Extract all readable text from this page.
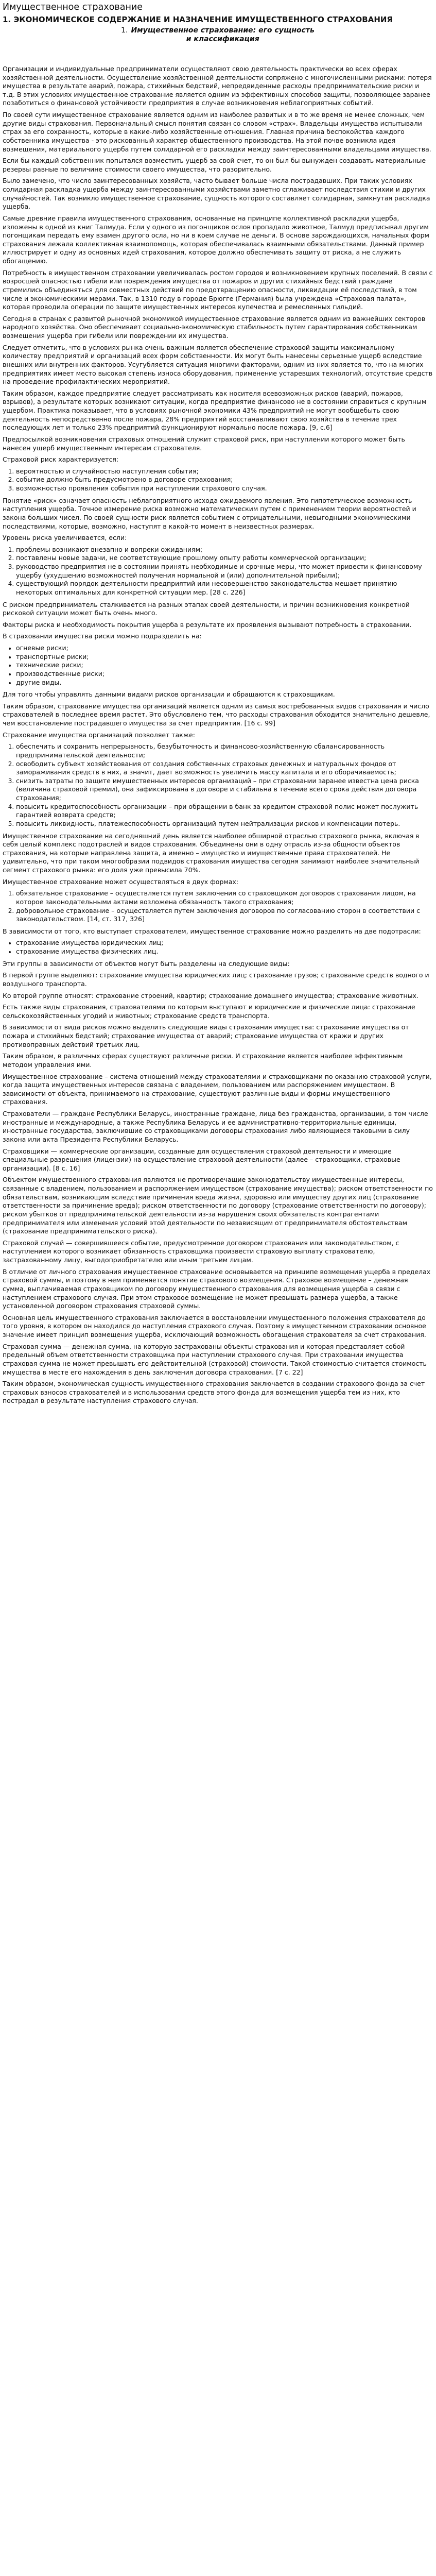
Имущественное страхование
1. ЭКОНОМИЧЕСКОЕ СОДЕРЖАНИЕ И НАЗНАЧЕНИЕ ИМУЩЕСТВЕННОГО СТРАХОВАНИЯ
1. Имущественное страхование: его сущность
и классификация

Организации и индивидуальные предприниматели осуществляют свою деятельность практически во всех сферах хозяйственной деятельности. Осуществление хозяйственной деятельности сопряжено с многочисленными рисками: потеря имущества в результате аварий, пожара, стихийных бедствий, непредвиденные расходы предпринимательские риски и т.д. В этих условиях имущественное страхование является одним из эффективных способов защиты, позволяющее заранее позаботиться о финансовой устойчивости предприятия в случае возникновения неблагоприятных событий.

По своей сути имущественное страхование является одним из наиболее развитых и в то же время не менее сложных, чем другие виды страхования. Первоначальный смысл понятия связан со словом «страх». Владельцы имущества испытывали страх за его сохранность, которые в какие-либо хозяйственные отношения. Главная причина беспокойства каждого собственника имущества - это рискованный характер общественного производства. На этой почве возникла идея возмещения, материального ущерба путем солидарной его раскладки между заинтересованными владельцами имущества.

Если бы каждый собственник попытался возместить ущерб за свой счет, то он был бы вынужден создавать материальные резервы равные по величине стоимости своего имущества, что разорительно.

Было замечено, что число заинтересованных хозяйств, часто бывает больше числа пострадавших. При таких условиях солидарная раскладка ущерба между заинтересованными хозяйствами заметно сглаживает последствия стихии и других случайностей. Так возникло имущественное страхование, сущность которого составляет солидарная, замкнутая раскладка ущерба.

Самые древние правила имущественного страхования, основанные на принципе коллективной раскладки ущерба, изложены в одной из книг Талмуда. Если у одного из погонщиков ослов пропадало животное, Талмуд предписывал другим погонщикам передать ему взамен другого осла, но ни в коем случае не деньги. В основе зарождающихся, начальных форм страхования лежала коллективная взаимопомощь, которая обеспечивалась взаимными обязательствами. Данный пример иллюстрирует и одну из основных идей страхования, которое должно обеспечивать защиту от риска, а не служить обогащению.

Потребность в имущественном страховании увеличивалась ростом городов и возникновением крупных поселений. В связи с возросшей опасностью гибели или повреждения имущества от пожаров и других стихийных бедствий граждане стремились объединяться для совместных действий по предотвращению опасности, ликвидации её последствий, в том числе и экономическими мерами. Так, в 1310 году в городе Брюгге (Германия) была учреждена «Страховая палата», которая проводила операции по защите имущественных интересов купечества и ремесленных гильдий.

Сегодня в странах с развитой рыночной экономикой имущественное страхование является одним из важнейших секторов народного хозяйства. Оно обеспечивает социально-экономическую стабильность путем гарантирования собственникам возмещения ущерба при гибели или повреждении их имущества.

Следует отметить, что в условиях рынка очень важным является обеспечение страховой защиты максимальному количеству предприятий и организаций всех форм собственности. Их могут быть нанесены серьезные ущерб вследствие внешних или внутренних факторов. Усугубляется ситуация многими факторами, одним из них является то, что на многих предприятиях имеет место высокая степень износа оборудования, применение устаревших технологий, отсутствие средств на проведение профилактических мероприятий.

Таким образом, каждое предприятие следует рассматривать как носителя всевозможных рисков (аварий, пожаров, взрывов), а результате которых возникают ситуации, когда предприятие финансово не в состоянии справиться с крупным ущербом. Практика показывает, что в условиях рыночной экономики 43% предприятий не могут вообщебыть свою деятельность непосредственно после пожара, 28% предприятий восстанавливают свою хозяйства в течение трех последующих лет и только 23% предприятий функционируют нормально после пожара. [9, с.6]

Предпосылкой возникновения страховых отношений служит страховой риск, при наступлении которого может быть нанесен ущерб имущественным интересам страхователя.

Страховой риск характеризуется:

1. вероятностью и случайностью наступления события;
2. событие должно быть предусмотрено в договоре страхования;
3. возможностью проявления события при наступлении страхового случая.

Понятие «риск» означает опасность неблагоприятного исхода ожидаемого явления. Это гипотетическое возможность наступления ущерба. Точное измерение риска возможно математическим путем с применением теории вероятностей и закона больших чисел. По своей сущности риск является событием с отрицательными, невыгодными экономическими последствиями, которые, возможно, наступят в какой-то момент в неизвестных размерах.

Уровень риска увеличивается, если:

1. проблемы возникают внезапно и вопреки ожиданиям;
2. поставлены новые задачи, не соответствующие прошлому опыту работы коммерческой организации;
3. руководство предприятия не в состоянии принять необходимые и срочные меры, что может привести к финансовому ущербу (ухудшению возможностей получения нормальной и (или) дополнительной прибыли);
4. существующий порядок деятельности предприятий или несовершенство законодательства мешает принятию некоторых оптимальных для конкретной ситуации мер. [28 с. 226]

С риском предприниматель сталкивается на разных этапах своей деятельности, и причин возникновения конкретной рисковой ситуации может быть очень много.

Факторы риска и необходимость покрытия ущерба в результате их проявления вызывают потребность в страховании.

В страховании имущества риски можно подразделить на:

• огневые риски;
• транспортные риски;
• технические риски;
• производственные риски;
• другие виды.

Для того чтобы управлять данными видами рисков организации и обращаются к страховщикам.

Таким образом, страхование имущества организаций является одним из самых востребованных видов страхования и число страхователей в последнее время растет. Это обусловлено тем, что расходы страхования обходится значительно дешевле, чем восстановление пострадавшего имущества за счет предприятия. [16 с. 99]

Страхование имущества организаций позволяет также:

1. обеспечить и сохранить непрерывность, безубыточность и финансово-хозяйственную сбалансированность предпринимательской деятельности;
2. освободить субъект хозяйствования от создания собственных страховых денежных и натуральных фондов от замораживания средств в них, а значит, дает возможность увеличить массу капитала и его оборачиваемость;
3. снизить затраты по защите имущественных интересов организаций – при страховании заранее известна цена риска (величина страховой премии), она зафиксирована в договоре и стабильна в течение всего срока действия договора страхования;
4. повысить кредитоспособность организации – при обращении в банк за кредитом страховой полис может послужить гарантией возврата средств;
5. повысить ликвидность, платежеспособность организаций путем нейтрализации рисков и компенсации потерь.

Имущественное страхование на сегодняшний день является наиболее обширной отраслью страхового рынка, включая в себя целый комплекс подотраслей и видов страхования. Объединены они в одну отрасль из-за общности объектов страхования, на которые направлена защита, а именно – имущество и имущественные права страхователей. Не удивительно, что при таком многообразии подвидов страхования имущества сегодня занимают наиболее значительный сегмент страхового рынка: его доля уже превысила 70%.

Имущественное страхование может осуществляться в двух формах:

1. обязательное страхование – осуществляется путем заключения со страховщиком договоров страхования лицом, на которое законодательными актами возложена обязанность такого страхования;
2. добровольное страхование – осуществляется путем заключения договоров по согласованию сторон в соответствии с законодательством. [14, ст. 317, 326]

В зависимости от того, кто выступает страхователем, имущественное страхование можно разделить на две подотрасли:

• страхование имущества юридических лиц;
• страхование имущества физических лиц.

Эти группы в зависимости от объектов могут быть разделены на следующие виды:

В первой группе выделяют: страхование имущества юридических лиц; страхование грузов; страхование средств водного и воздушного транспорта.

Ко второй группе относят: страхование строений, квартир; страхование домашнего имущества; страхование животных.

Есть также виды страхования, страхователями по которым выступают и юридические и физические лица: страхование сельскохозяйственных угодий и животных; страхование средств транспорта.

В зависимости от вида рисков можно выделить следующие виды страхования имущества: страхование имущества от пожара и стихийных бедствий; страхование имущества от аварий; страхование имущества от кражи и других противоправных действий третьих лиц.

Таким образом, в различных сферах существуют различные риски. И страхование является наиболее эффективным методом управления ими.

Имущественное страхование – система отношений между страхователями и страховщиками по оказанию страховой услуги, когда защита имущественных интересов связана с владением, пользованием или распоряжением имуществом. В зависимости от объекта, принимаемого на страхование, существуют различные виды и формы имущественного страхования.

Страхователи — граждане Республики Беларусь, иностранные граждане, лица без гражданства, организации, в том числе иностранные и международные, а также Республика Беларусь и ее административно-территориальные единицы, иностранные государства, заключившие со страховщиками договоры страхования либо являющиеся таковыми в силу закона или акта Президента Республики Беларусь.

Страховщики — коммерческие организации, созданные для осуществления страховой деятельности и имеющие специальные разрешения (лицензии) на осуществление страховой деятельности (далее – страховщики, страховые организации). [8 с. 16]

Объектом имущественного страхования являются не противоречащие законодательству имущественные интересы, связанные с владением, пользованием и распоряжением имуществом (страхование имущества); риском ответственности по обязательствам, возникающим вследствие причинения вреда жизни, здоровью или имуществу других лиц (страхование ответственности за причинение вреда); риском ответственности по договору (страхование ответственности по договору); риском убытков от предпринимательской деятельности из-за нарушения своих обязательств контрагентами предпринимателя или изменения условий этой деятельности по независящим от предпринимателя обстоятельствам (страхование предпринимательского риска).

Страховой случай — совершившееся событие, предусмотренное договором страхования или законодательством, с наступлением которого возникает обязанность страховщика произвести страховую выплату страхователю, застрахованному лицу, выгодоприобретателю или иным третьим лицам.

В отличие от личного страхования имущественное страхование основывается на принципе возмещения ущерба в пределах страховой суммы, и поэтому в нем применяется понятие страхового возмещения. Страховое возмещение – денежная сумма, выплачиваемая страховщиком по договору имущественного страхования для возмещения ущерба в связи с наступлением страхового случая. При этом страховое возмещение не может превышать размера ущерба, а также установленной договором страхования страховой суммы.

Основная цель имущественного страхования заключается в восстановлении имущественного положения страхователя до того уровня, в котором он находился до наступления страхового случая. Поэтому в имущественном страховании основное значение имеет принцип возмещения ущерба, исключающий возможность обогащения страхователя за счет страхования.

Страховая сумма — денежная сумма, на которую застрахованы объекты страхования и которая представляет собой предельный объем ответственности страховщика при наступлении страхового случая. При страховании имущества страховая сумма не может превышать его действительной (страховой) стоимости. Такой стоимостью считается стоимость имущества в месте его нахождения в день заключения договора страхования. [7 с. 22]

Таким образом, экономическая сущность имущественного страхования заключается в создании страхового фонда за счет страховых взносов страхователей и в использовании средств этого фонда для возмещения ущерба тем из них, кто пострадал в результате наступления страхового случая.
